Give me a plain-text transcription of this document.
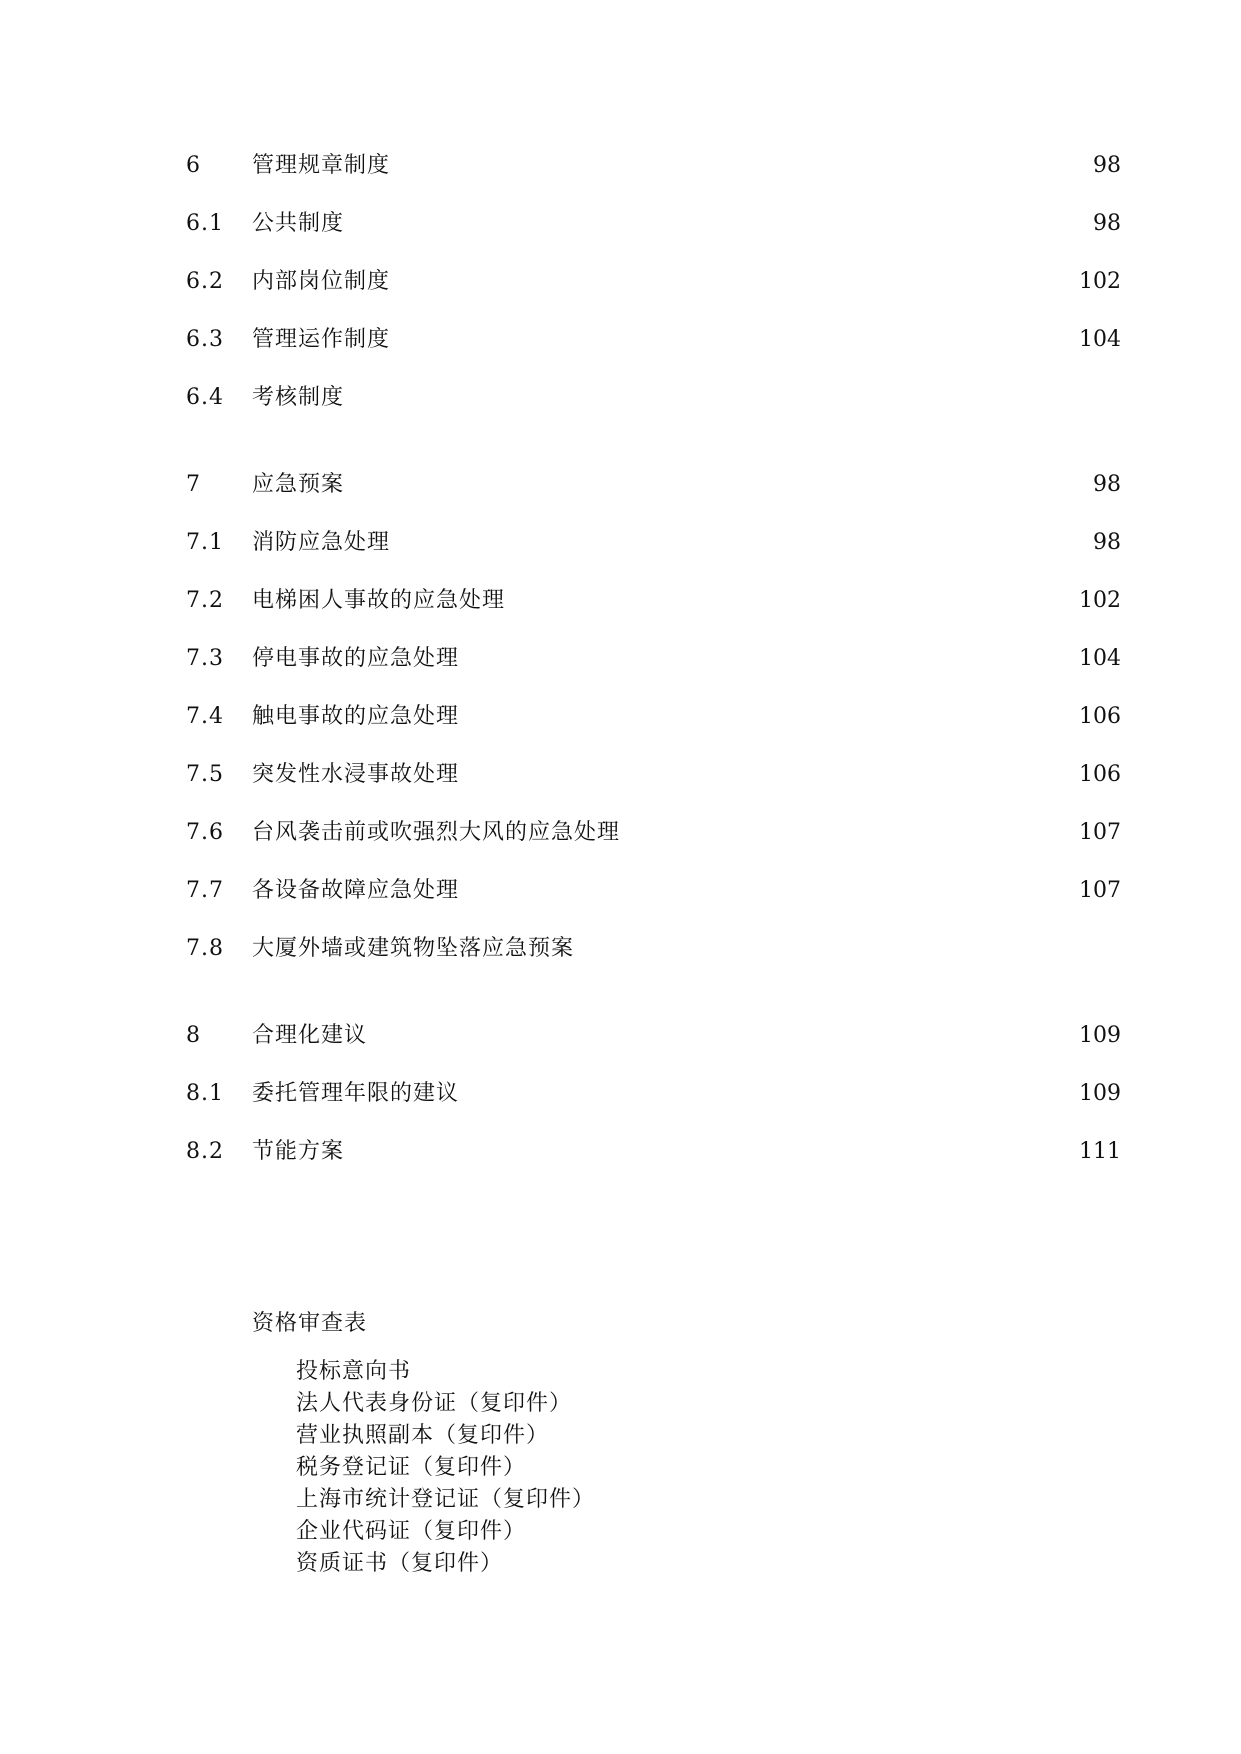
6 管理规章制度	98
6.1 公共制度	98
6.2 内部岗位制度	102
6.3 管理运作制度	104
6.4 考核制度
7 应急预案	98
7.1 消防应急处理	98
7.2 电梯困人事故的应急处理	102
7.3 停电事故的应急处理	104
7.4 触电事故的应急处理	106
7.5 突发性水浸事故处理	106
7.6 台风袭击前或吹强烈大风的应急处理	107
7.7 各设备故障应急处理	107
7.8 大厦外墙或建筑物坠落应急预案
8 合理化建议	109
8.1 委托管理年限的建议	109
8.2 节能方案	111
资格审查表
投标意向书
法人代表身份证（复印件）
营业执照副本（复印件）
税务登记证（复印件）
上海市统计登记证（复印件）
企业代码证（复印件）
资质证书（复印件）
